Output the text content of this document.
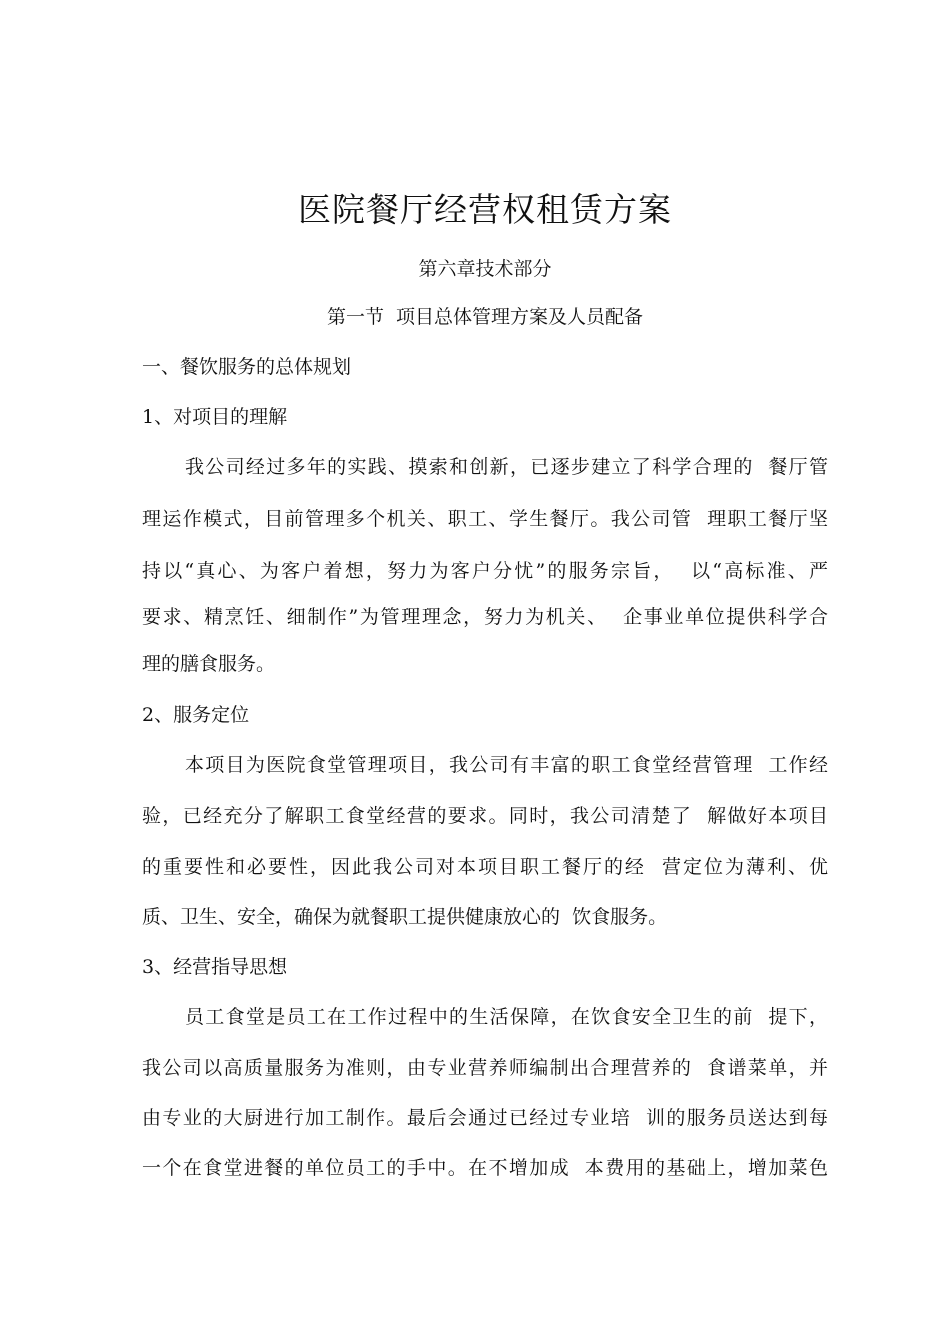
医院餐厅经营权租赁方案
第六章技术部分
第一节  项目总体管理方案及人员配备
一、餐饮服务的总体规划
1、对项目的理解
我公司经过多年的实践、摸索和创新，已逐步建立了科学合理的  餐厅管
理运作模式，目前管理多个机关、职工、学生餐厅。我公司管  理职工餐厅坚
持以“真心、为客户着想，努力为客户分忧”的服务宗旨，  以“高标准、严
要求、精烹饪、细制作”为管理理念，努力为机关、  企事业单位提供科学合
理的膳食服务。
2、服务定位
本项目为医院食堂管理项目，我公司有丰富的职工食堂经营管理  工作经
验，已经充分了解职工食堂经营的要求。同时，我公司清楚了  解做好本项目
的重要性和必要性，因此我公司对本项目职工餐厅的经  营定位为薄利、优
质、卫生、安全，确保为就餐职工提供健康放心的  饮食服务。
3、经营指导思想
员工食堂是员工在工作过程中的生活保障，在饮食安全卫生的前  提下，
我公司以高质量服务为准则，由专业营养师编制出合理营养的  食谱菜单，并
由专业的大厨进行加工制作。最后会通过已经过专业培  训的服务员送达到每
一个在食堂进餐的单位员工的手中。在不增加成  本费用的基础上，增加菜色
